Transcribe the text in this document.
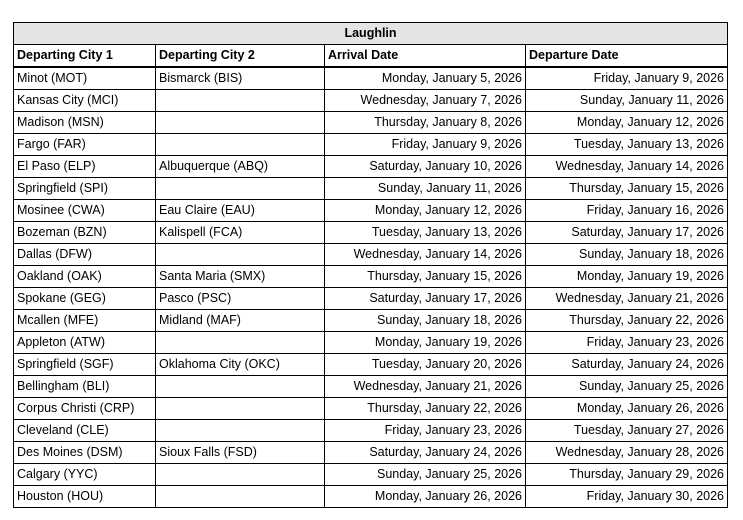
Laughlin			
Departing City 1	Departing City 2	Arrival Date	Departure Date
Minot (MOT)	Bismarck (BIS)	Monday, January 5, 2026	Friday, January 9, 2026
Kansas City (MCI)		Wednesday, January 7, 2026	Sunday, January 11, 2026
Madison (MSN)		Thursday, January 8, 2026	Monday, January 12, 2026
Fargo (FAR)		Friday, January 9, 2026	Tuesday, January 13, 2026
El Paso (ELP)	Albuquerque (ABQ)	Saturday, January 10, 2026	Wednesday, January 14, 2026
Springfield (SPI)		Sunday, January 11, 2026	Thursday, January 15, 2026
Mosinee (CWA)	Eau Claire (EAU)	Monday, January 12, 2026	Friday, January 16, 2026
Bozeman (BZN)	Kalispell (FCA)	Tuesday, January 13, 2026	Saturday, January 17, 2026
Dallas (DFW)		Wednesday, January 14, 2026	Sunday, January 18, 2026
Oakland (OAK)	Santa Maria (SMX)	Thursday, January 15, 2026	Monday, January 19, 2026
Spokane (GEG)	Pasco (PSC)	Saturday, January 17, 2026	Wednesday, January 21, 2026
Mcallen (MFE)	Midland (MAF)	Sunday, January 18, 2026	Thursday, January 22, 2026
Appleton (ATW)		Monday, January 19, 2026	Friday, January 23, 2026
Springfield (SGF)	Oklahoma City (OKC)	Tuesday, January 20, 2026	Saturday, January 24, 2026
Bellingham (BLI)		Wednesday, January 21, 2026	Sunday, January 25, 2026
Corpus Christi (CRP)		Thursday, January 22, 2026	Monday, January 26, 2026
Cleveland (CLE)		Friday, January 23, 2026	Tuesday, January 27, 2026
Des Moines (DSM)	Sioux Falls (FSD)	Saturday, January 24, 2026	Wednesday, January 28, 2026
Calgary (YYC)		Sunday, January 25, 2026	Thursday, January 29, 2026
Houston (HOU)		Monday, January 26, 2026	Friday, January 30, 2026
